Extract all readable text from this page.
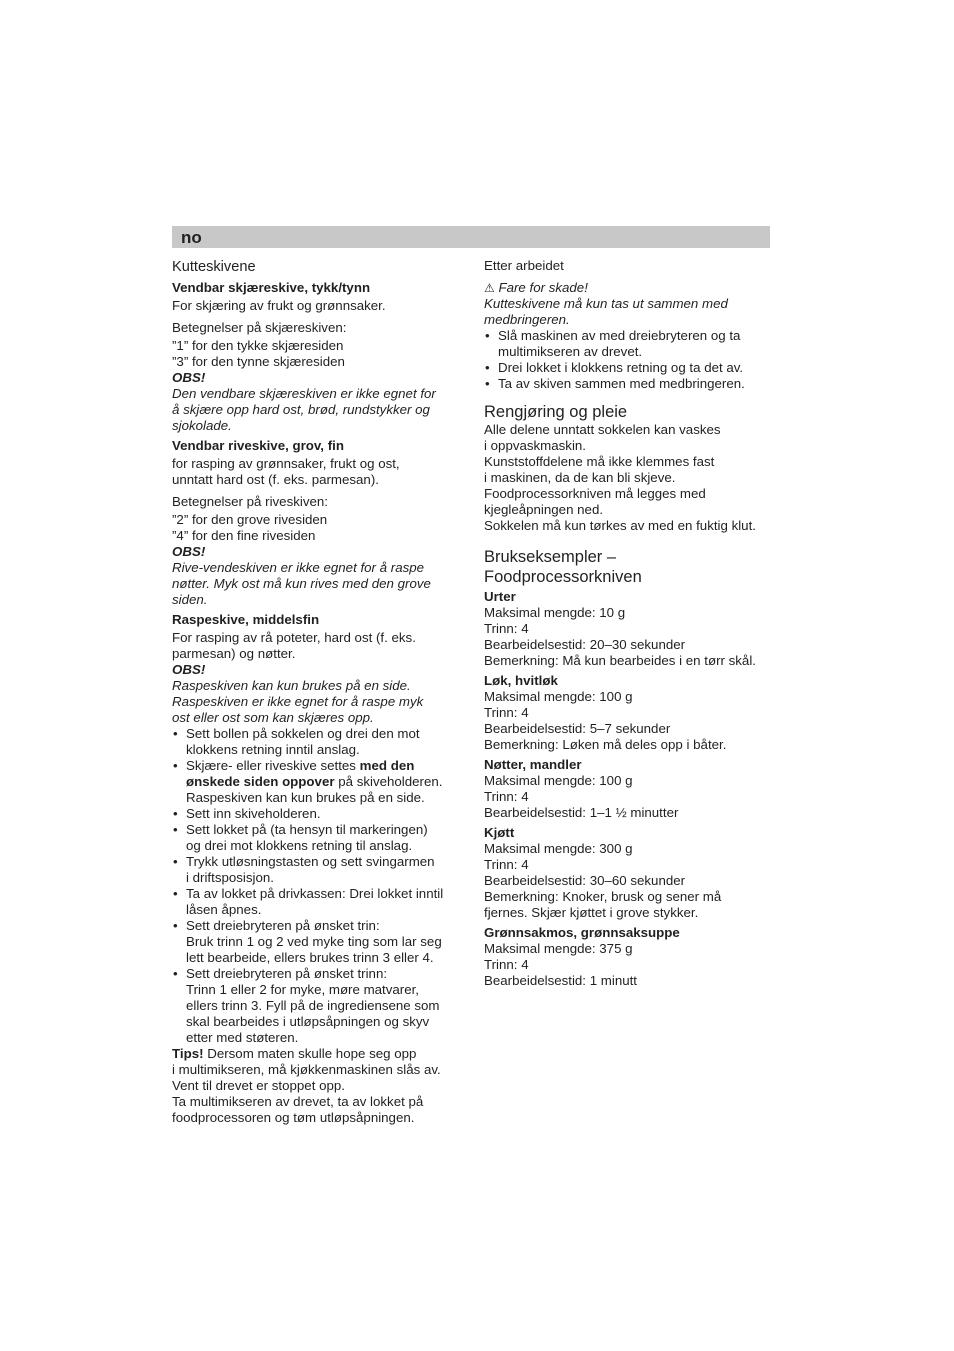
no

Kutteskivene

Vendbar skjæreskive, tykk/tynn

For skjæring av frukt og grønnsaker.

Betegnelser på skjæreskiven:

”1” for den tykke skjæresiden

”3” for den tynne skjæresiden

OBS!

Den vendbare skjæreskiven er ikke egnet for

å skjære opp hard ost, brød, rundstykker og

sjokolade.

Vendbar riveskive, grov, fin

for rasping av grønnsaker, frukt og ost,

unntatt hard ost (f. eks. parmesan).

Betegnelser på riveskiven:

”2” for den grove rivesiden

”4” for den fine rivesiden

OBS!

Rive-vendeskiven er ikke egnet for å raspe

nøtter. Myk ost må kun rives med den grove

siden.

Raspeskive, middelsfin

For rasping av rå poteter, hard ost (f. eks.

parmesan) og nøtter.

OBS!

Raspeskiven kan kun brukes på en side.

Raspeskiven er ikke egnet for å raspe myk

ost eller ost som kan skjæres opp.

• Sett bollen på sokkelen og drei den mot
klokkens retning inntil anslag.
• Skjære- eller riveskive settes med den
ønskede siden oppover på skiveholderen.
Raspeskiven kan kun brukes på en side.
• Sett inn skiveholderen.
• Sett lokket på (ta hensyn til markeringen)
og drei mot klokkens retning til anslag.
• Trykk utløsningstasten og sett svingarmen
i driftsposisjon.
• Ta av lokket på drivkassen: Drei lokket inntil
låsen åpnes.
• Sett dreiebryteren på ønsket trin:
Bruk trinn 1 og 2 ved myke ting som lar seg
lett bearbeide, ellers brukes trinn 3 eller 4.
• Sett dreiebryteren på ønsket trinn:
Trinn 1 eller 2 for myke, møre matvarer,
ellers trinn 3. Fyll på de ingrediensene som
skal bearbeides i utløpsåpningen og skyv
etter med støteren.

Tips! Dersom maten skulle hope seg opp

i multimikseren, må kjøkkenmaskinen slås av.

Vent til drevet er stoppet opp.

Ta multimikseren av drevet, ta av lokket på

foodprocessoren og tøm utløpsåpningen.

Etter arbeidet

⚠ Fare for skade!

Kutteskivene må kun tas ut sammen med

medbringeren.

• Slå maskinen av med dreiebryteren og ta
multimikseren av drevet.
• Drei lokket i klokkens retning og ta det av.
• Ta av skiven sammen med medbringeren.

Rengjøring og pleie

Alle delene unntatt sokkelen kan vaskes

i oppvaskmaskin.

Kunststoffdelene må ikke klemmes fast

i maskinen, da de kan bli skjeve.

Foodprocessorkniven må legges med

kjegleåpningen ned.

Sokkelen må kun tørkes av med en fuktig klut.

Brukseksempler –

Foodprocessorkniven

Urter

Maksimal mengde: 10 g

Trinn: 4

Bearbeidelsestid: 20–30 sekunder

Bemerkning: Må kun bearbeides i en tørr skål.

Løk, hvitløk

Maksimal mengde: 100 g

Trinn: 4

Bearbeidelsestid: 5–7 sekunder

Bemerkning: Løken må deles opp i båter.

Nøtter, mandler

Maksimal mengde: 100 g

Trinn: 4

Bearbeidelsestid: 1–1 ½ minutter

Kjøtt

Maksimal mengde: 300 g

Trinn: 4

Bearbeidelsestid: 30–60 sekunder

Bemerkning: Knoker, brusk og sener må

fjernes. Skjær kjøttet i grove stykker.

Grønnsakmos, grønnsaksuppe

Maksimal mengde: 375 g

Trinn: 4

Bearbeidelsestid: 1 minutt
